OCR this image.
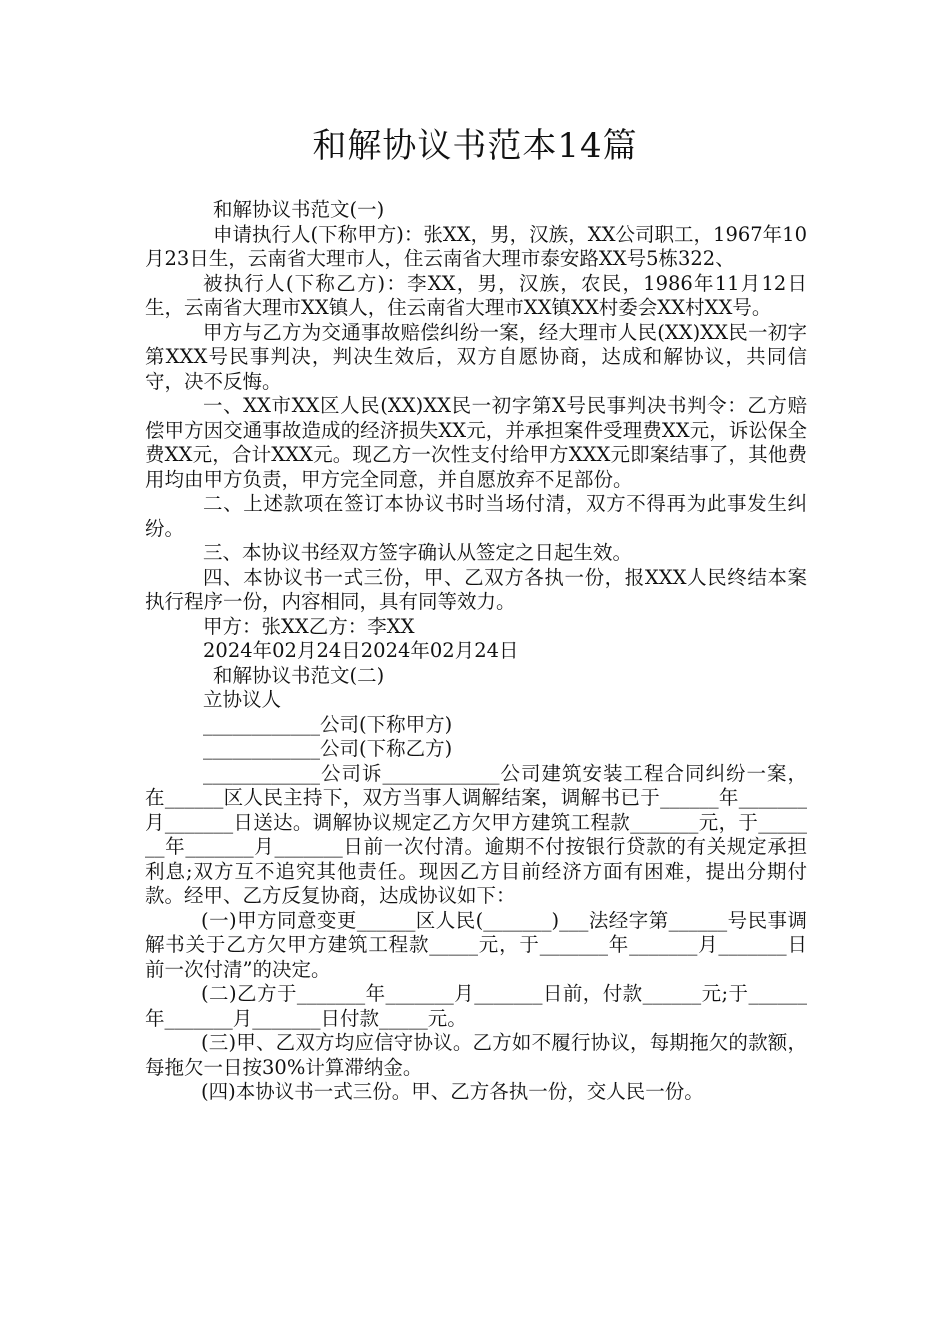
和解协议书范本14篇

和解协议书范文(一)

申请执行人(下称甲方)：张XX，男，汉族，XX公司职工，1967年10月23日生，云南省大理市人，住云南省大理市泰安路XX号5栋322、

被执行人(下称乙方)：李XX，男，汉族，农民，1986年11月12日生，云南省大理市XX镇人，住云南省大理市XX镇XX村委会XX村XX号。

甲方与乙方为交通事故赔偿纠纷一案，经大理市人民(XX)XX民一初字第XXX号民事判决，判决生效后，双方自愿协商，达成和解协议，共同信守，决不反悔。

一、XX市XX区人民(XX)XX民一初字第X号民事判决书判令：乙方赔偿甲方因交通事故造成的经济损失XX元，并承担案件受理费XX元，诉讼保全费XX元，合计XXX元。现乙方一次性支付给甲方XXX元即案结事了，其他费用均由甲方负责，甲方完全同意，并自愿放弃不足部份。

二、上述款项在签订本协议书时当场付清，双方不得再为此事发生纠纷。

三、本协议书经双方签字确认从签定之日起生效。

四、本协议书一式三份，甲、乙双方各执一份，报XXX人民终结本案执行程序一份，内容相同，具有同等效力。

甲方：张XX乙方：李XX

2024年02月24日2024年02月24日

和解协议书范文(二)

立协议人

____________公司(下称甲方)

____________公司(下称乙方)

____________公司诉____________公司建筑安装工程合同纠纷一案，在______区人民主持下，双方当事人调解结案，调解书已于______年_______月_______日送达。调解协议规定乙方欠甲方建筑工程款_______元，于_______年_______月_______日前一次付清。逾期不付按银行贷款的有关规定承担利息;双方互不追究其他责任。现因乙方目前经济方面有困难，提出分期付款。经甲、乙方反复协商，达成协议如下：

(一)甲方同意变更______区人民(_______)___法经字第______号民事调解书关于乙方欠甲方建筑工程款_____元，于_______年_______月_______日前一次付清”的决定。

(二)乙方于_______年_______月_______日前，付款______元;于______年_______月_______日付款_____元。

(三)甲、乙双方均应信守协议。乙方如不履行协议，每期拖欠的款额，每拖欠一日按30%计算滞纳金。

(四)本协议书一式三份。甲、乙方各执一份，交人民一份。
